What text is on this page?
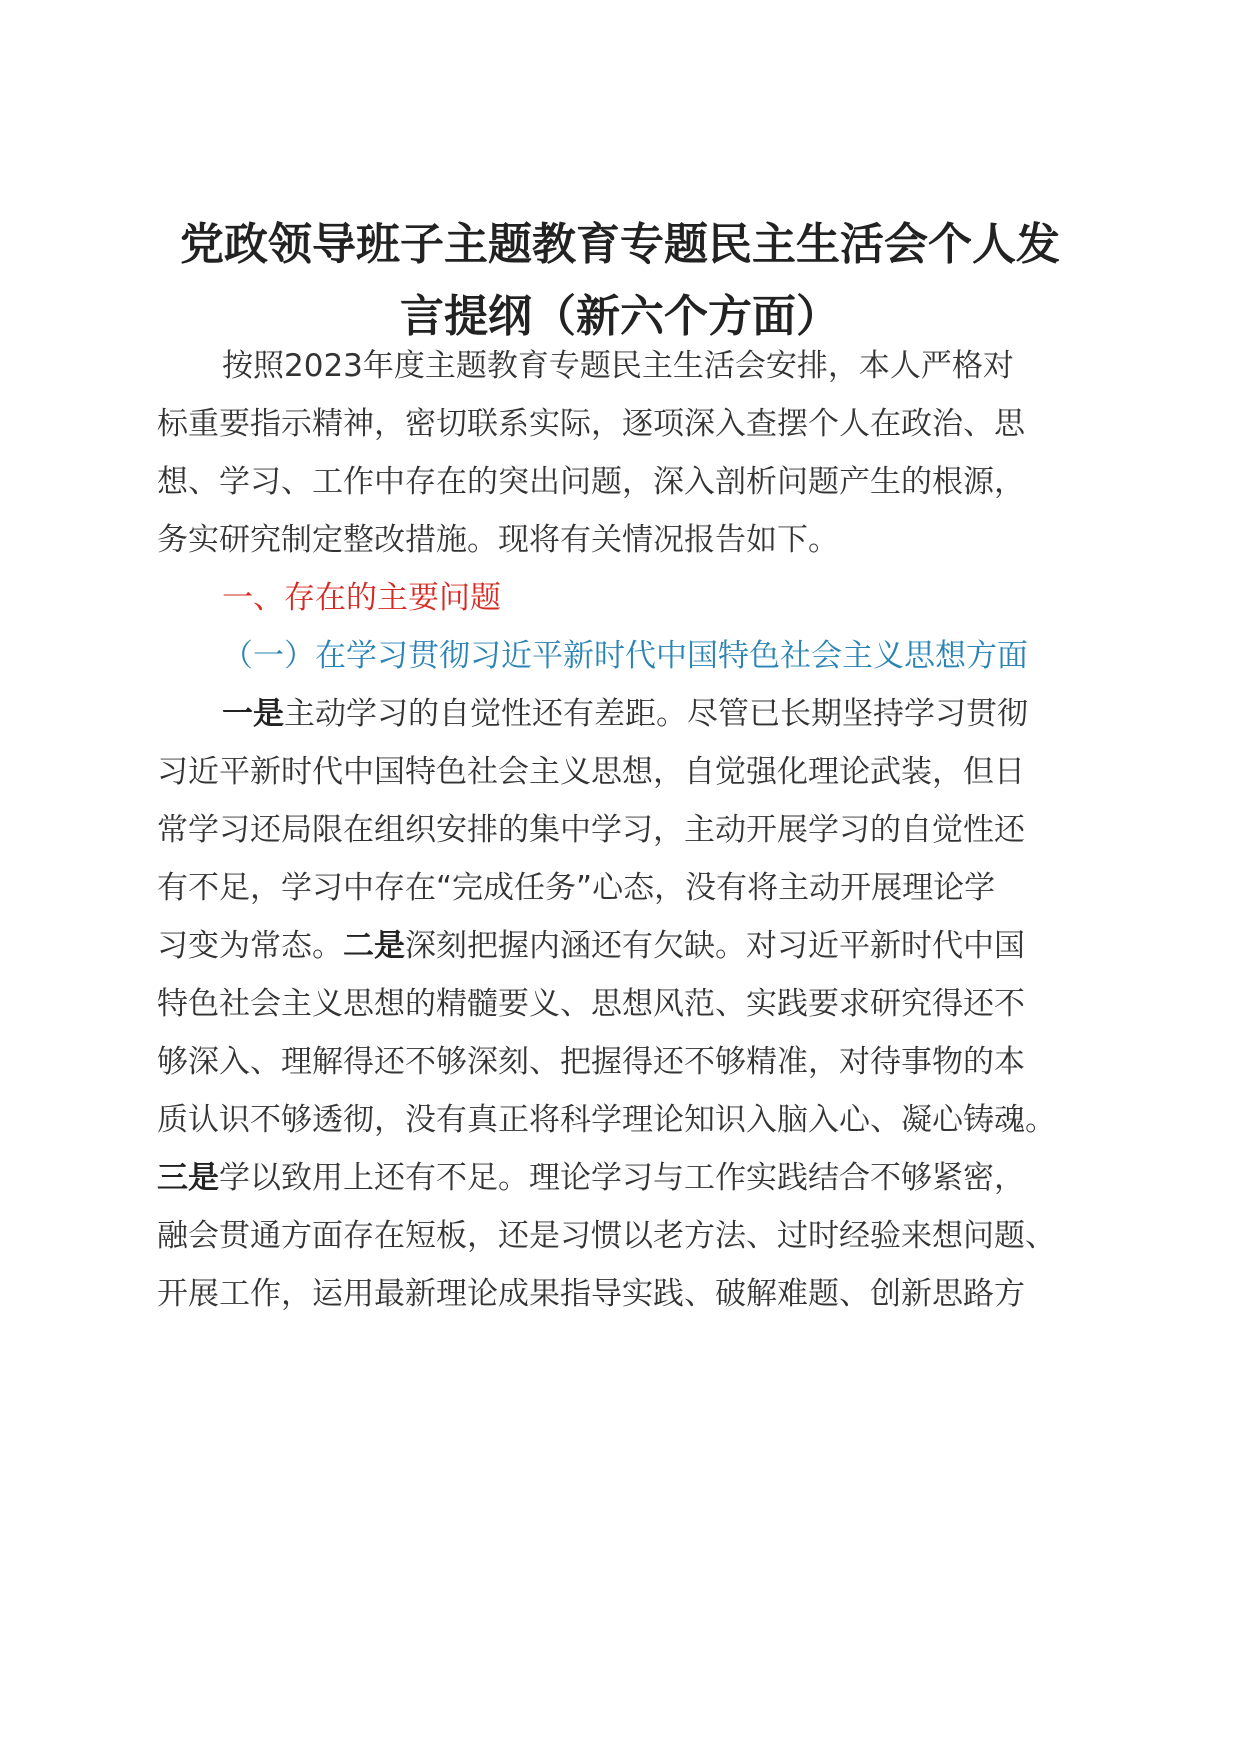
党政领导班子主题教育专题民主生活会个人发
言提纲（新六个方面）
按照2023年度主题教育专题民主生活会安排，本人严格对
标重要指示精神，密切联系实际，逐项深入查摆个人在政治、思
想、学习、工作中存在的突出问题，深入剖析问题产生的根源，
务实研究制定整改措施。现将有关情况报告如下。
一、存在的主要问题
（一）在学习贯彻习近平新时代中国特色社会主义思想方面
一是主动学习的自觉性还有差距。尽管已长期坚持学习贯彻
习近平新时代中国特色社会主义思想，自觉强化理论武装，但日
常学习还局限在组织安排的集中学习，主动开展学习的自觉性还
有不足，学习中存在“完成任务”心态，没有将主动开展理论学
习变为常态。二是深刻把握内涵还有欠缺。对习近平新时代中国
特色社会主义思想的精髓要义、思想风范、实践要求研究得还不
够深入、理解得还不够深刻、把握得还不够精准，对待事物的本
质认识不够透彻，没有真正将科学理论知识入脑入心、凝心铸魂。
三是学以致用上还有不足。理论学习与工作实践结合不够紧密，
融会贯通方面存在短板，还是习惯以老方法、过时经验来想问题、
开展工作，运用最新理论成果指导实践、破解难题、创新思路方
